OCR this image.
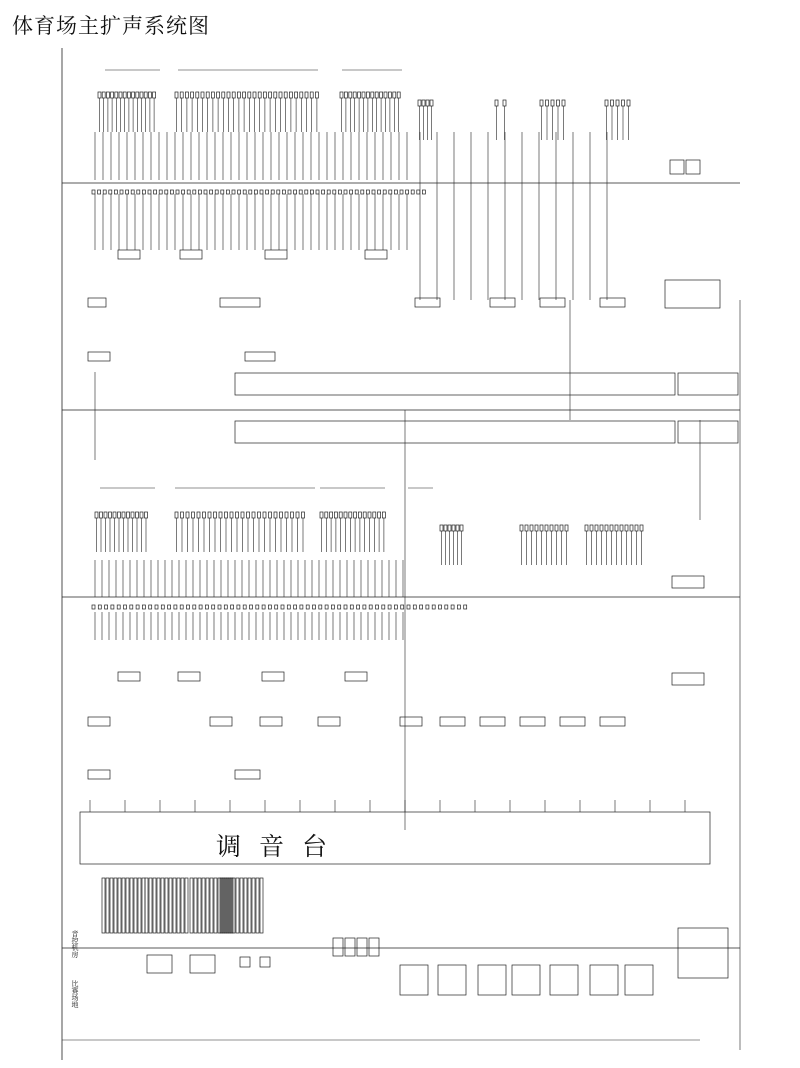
体育场主扩声系统图
调音台
音控机房
比赛场地
